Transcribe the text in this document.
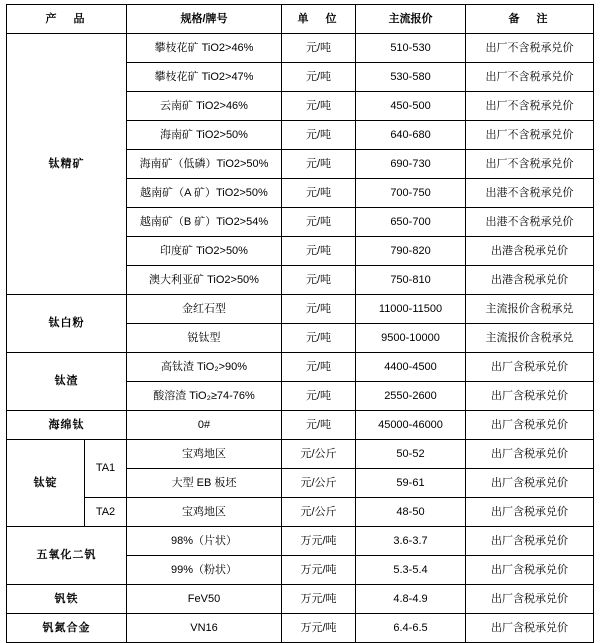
产　品		规格/牌号	单　位	主流报价	备　注
钛精矿		攀枝花矿 TiO2>46%	元/吨	510-530	出厂不含税承兑价
		攀枝花矿 TiO2>47%	元/吨	530-580	出厂不含税承兑价
		云南矿 TiO2>46%	元/吨	450-500	出厂不含税承兑价
		海南矿 TiO2>50%	元/吨	640-680	出厂不含税承兑价
		海南矿（低磷）TiO2>50%	元/吨	690-730	出厂不含税承兑价
		越南矿（A 矿）TiO2>50%	元/吨	700-750	出港不含税承兑价
		越南矿（B 矿）TiO2>54%	元/吨	650-700	出港不含税承兑价
		印度矿 TiO2>50%	元/吨	790-820	出港含税承兑价
		澳大利亚矿 TiO2>50%	元/吨	750-810	出港含税承兑价
钛白粉		金红石型	元/吨	11000-11500	主流报价含税承兑
		锐钛型	元/吨	9500-10000	主流报价含税承兑
钛渣		高钛渣 TiO₂>90%	元/吨	4400-4500	出厂含税承兑价
		酸溶渣 TiO₂≥74-76%	元/吨	2550-2600	出厂含税承兑价
海绵钛		0#	元/吨	45000-46000	出厂含税承兑价
钛锭	TA1	宝鸡地区	元/公斤	50-52	出厂含税承兑价
		大型 EB 板坯	元/公斤	59-61	出厂含税承兑价
	TA2	宝鸡地区	元/公斤	48-50	出厂含税承兑价
五氧化二钒		98%（片状）	万元/吨	3.6-3.7	出厂含税承兑价
		99%（粉状）	万元/吨	5.3-5.4	出厂含税承兑价
钒铁		FeV50	万元/吨	4.8-4.9	出厂含税承兑价
钒氮合金		VN16	万元/吨	6.4-6.5	出厂含税承兑价
